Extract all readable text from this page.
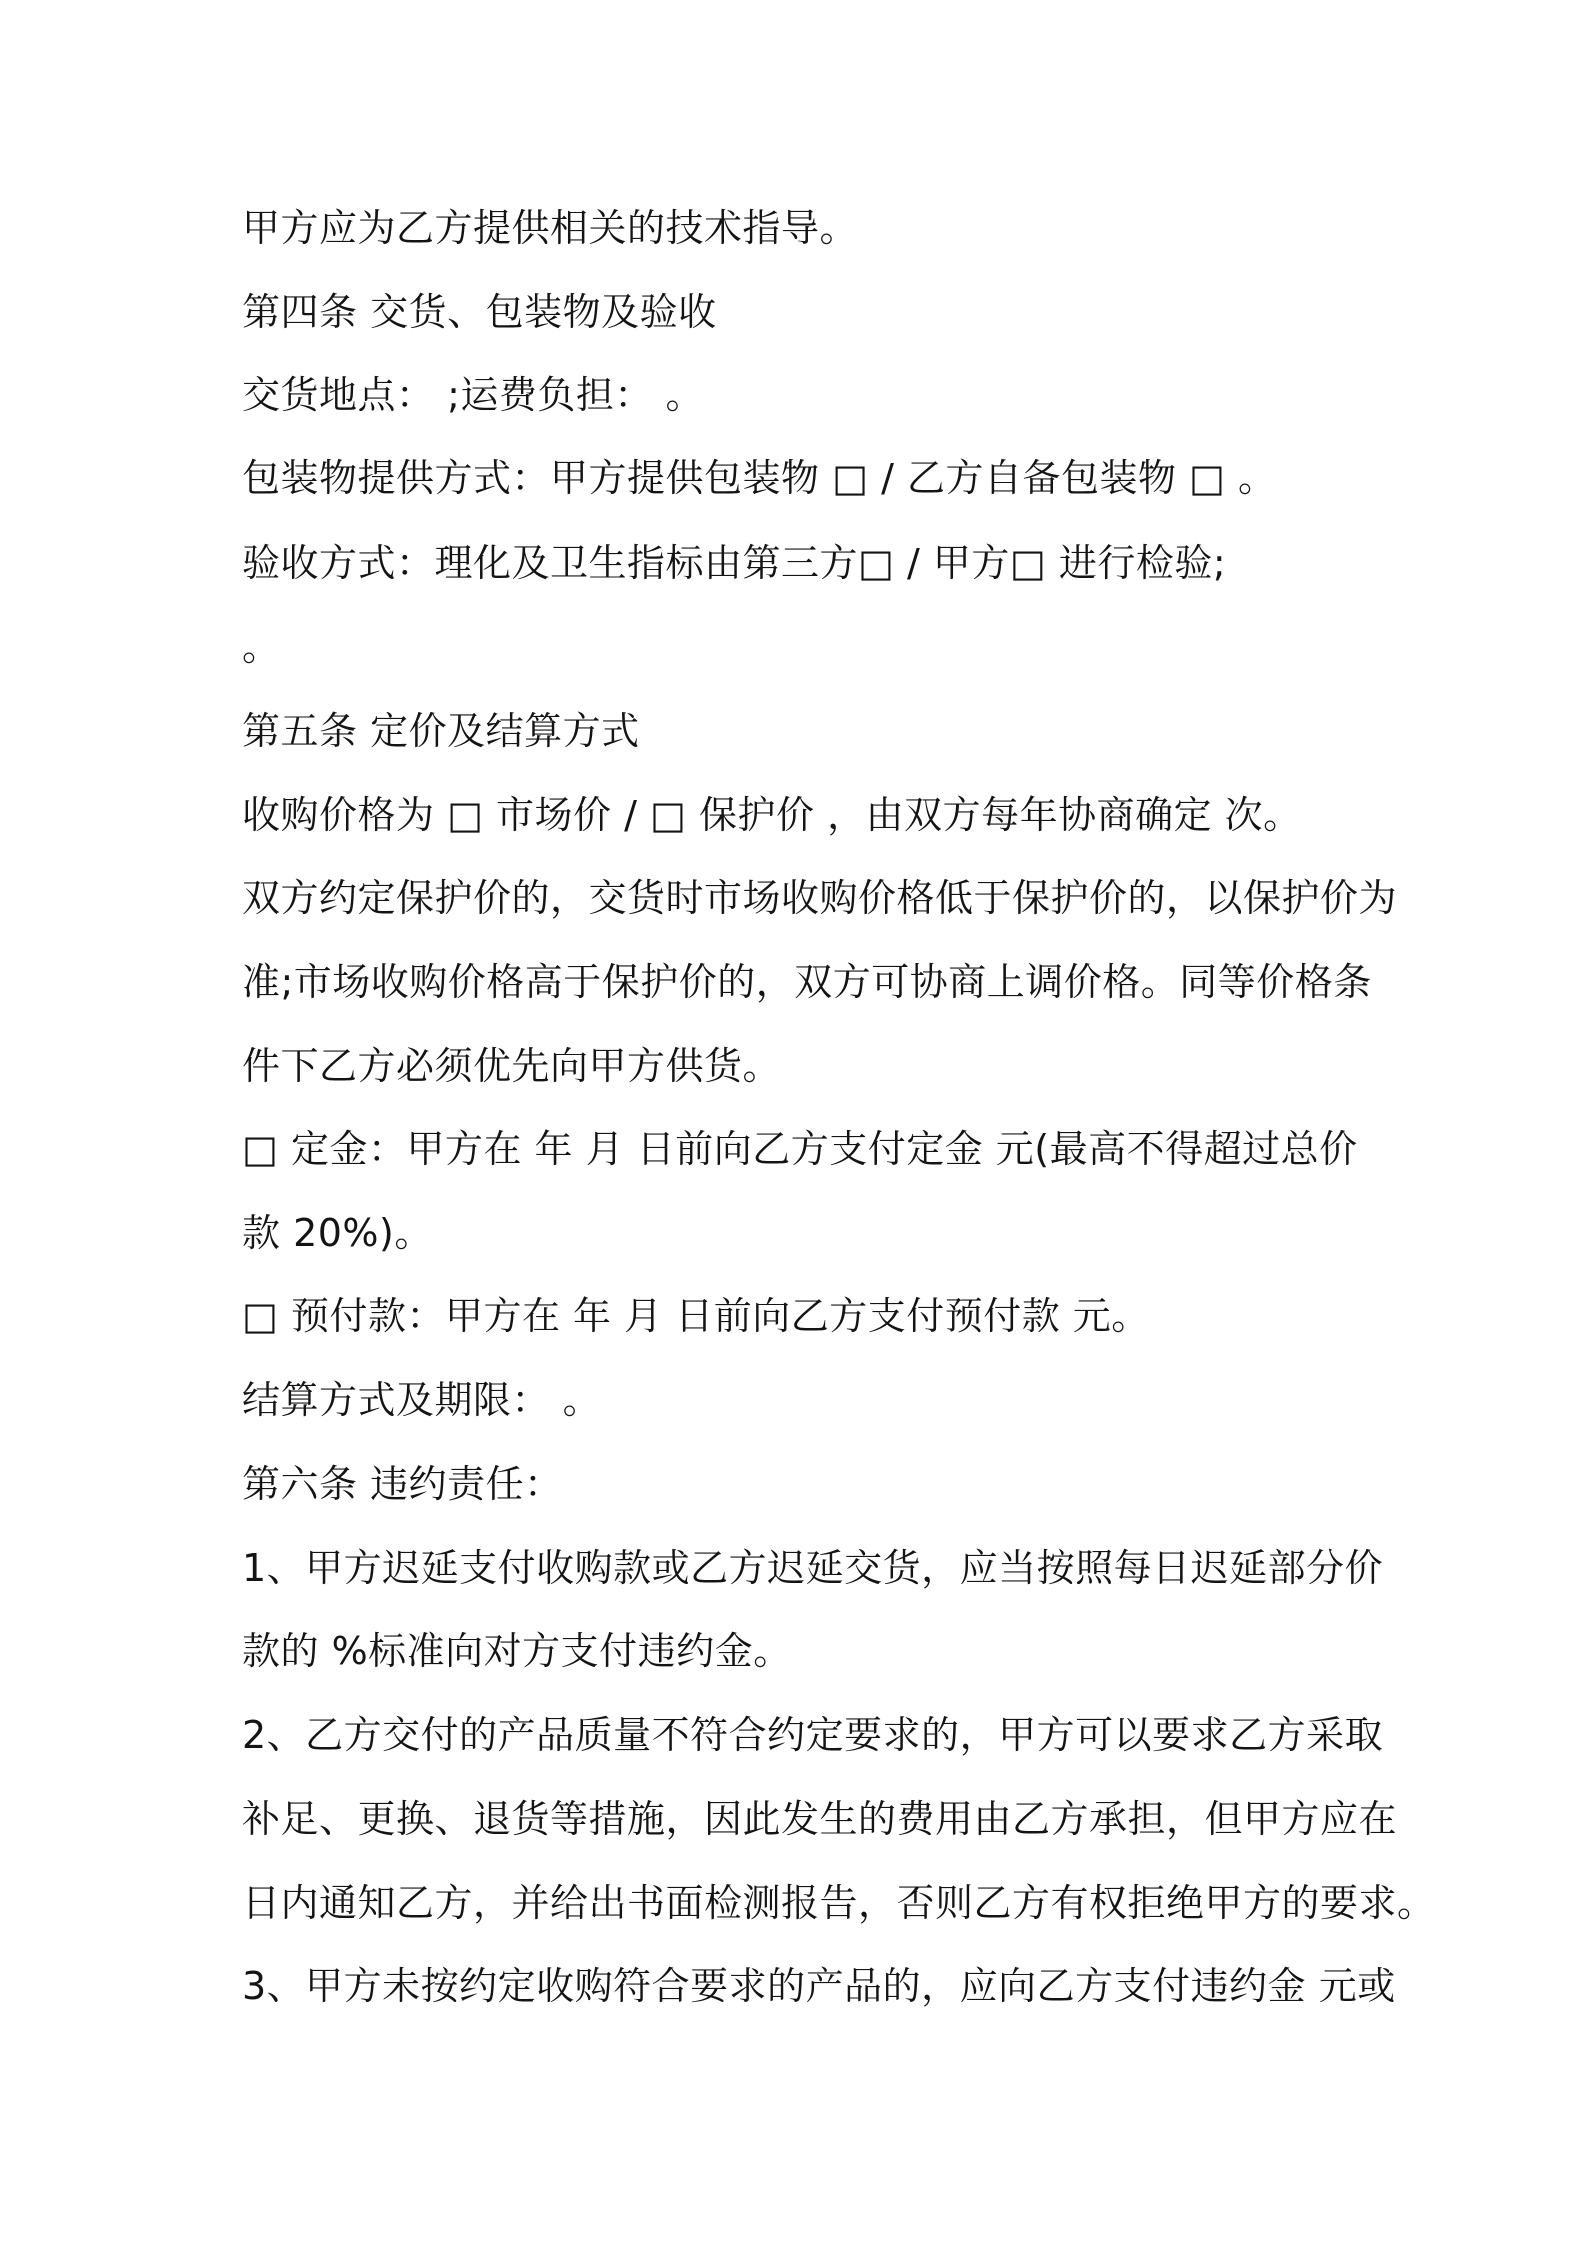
甲方应为乙方提供相关的技术指导。
第四条 交货、包装物及验收
交货地点： ;运费负担： 。
包装物提供方式：甲方提供包装物 □ / 乙方自备包装物 □ 。
验收方式：理化及卫生指标由第三方□ / 甲方□ 进行检验;
。
第五条 定价及结算方式
收购价格为 □ 市场价 / □ 保护价 ，由双方每年协商确定 次。
双方约定保护价的，交货时市场收购价格低于保护价的，以保护价为
准;市场收购价格高于保护价的，双方可协商上调价格。同等价格条
件下乙方必须优先向甲方供货。
□ 定金：甲方在 年 月 日前向乙方支付定金 元(最高不得超过总价
款 20%)。
□ 预付款：甲方在 年 月 日前向乙方支付预付款 元。
结算方式及期限： 。
第六条 违约责任：
1、甲方迟延支付收购款或乙方迟延交货，应当按照每日迟延部分价
款的 %标准向对方支付违约金。
2、乙方交付的产品质量不符合约定要求的，甲方可以要求乙方采取
补足、更换、退货等措施，因此发生的费用由乙方承担，但甲方应在
日内通知乙方，并给出书面检测报告，否则乙方有权拒绝甲方的要求。
3、甲方未按约定收购符合要求的产品的，应向乙方支付违约金 元或
